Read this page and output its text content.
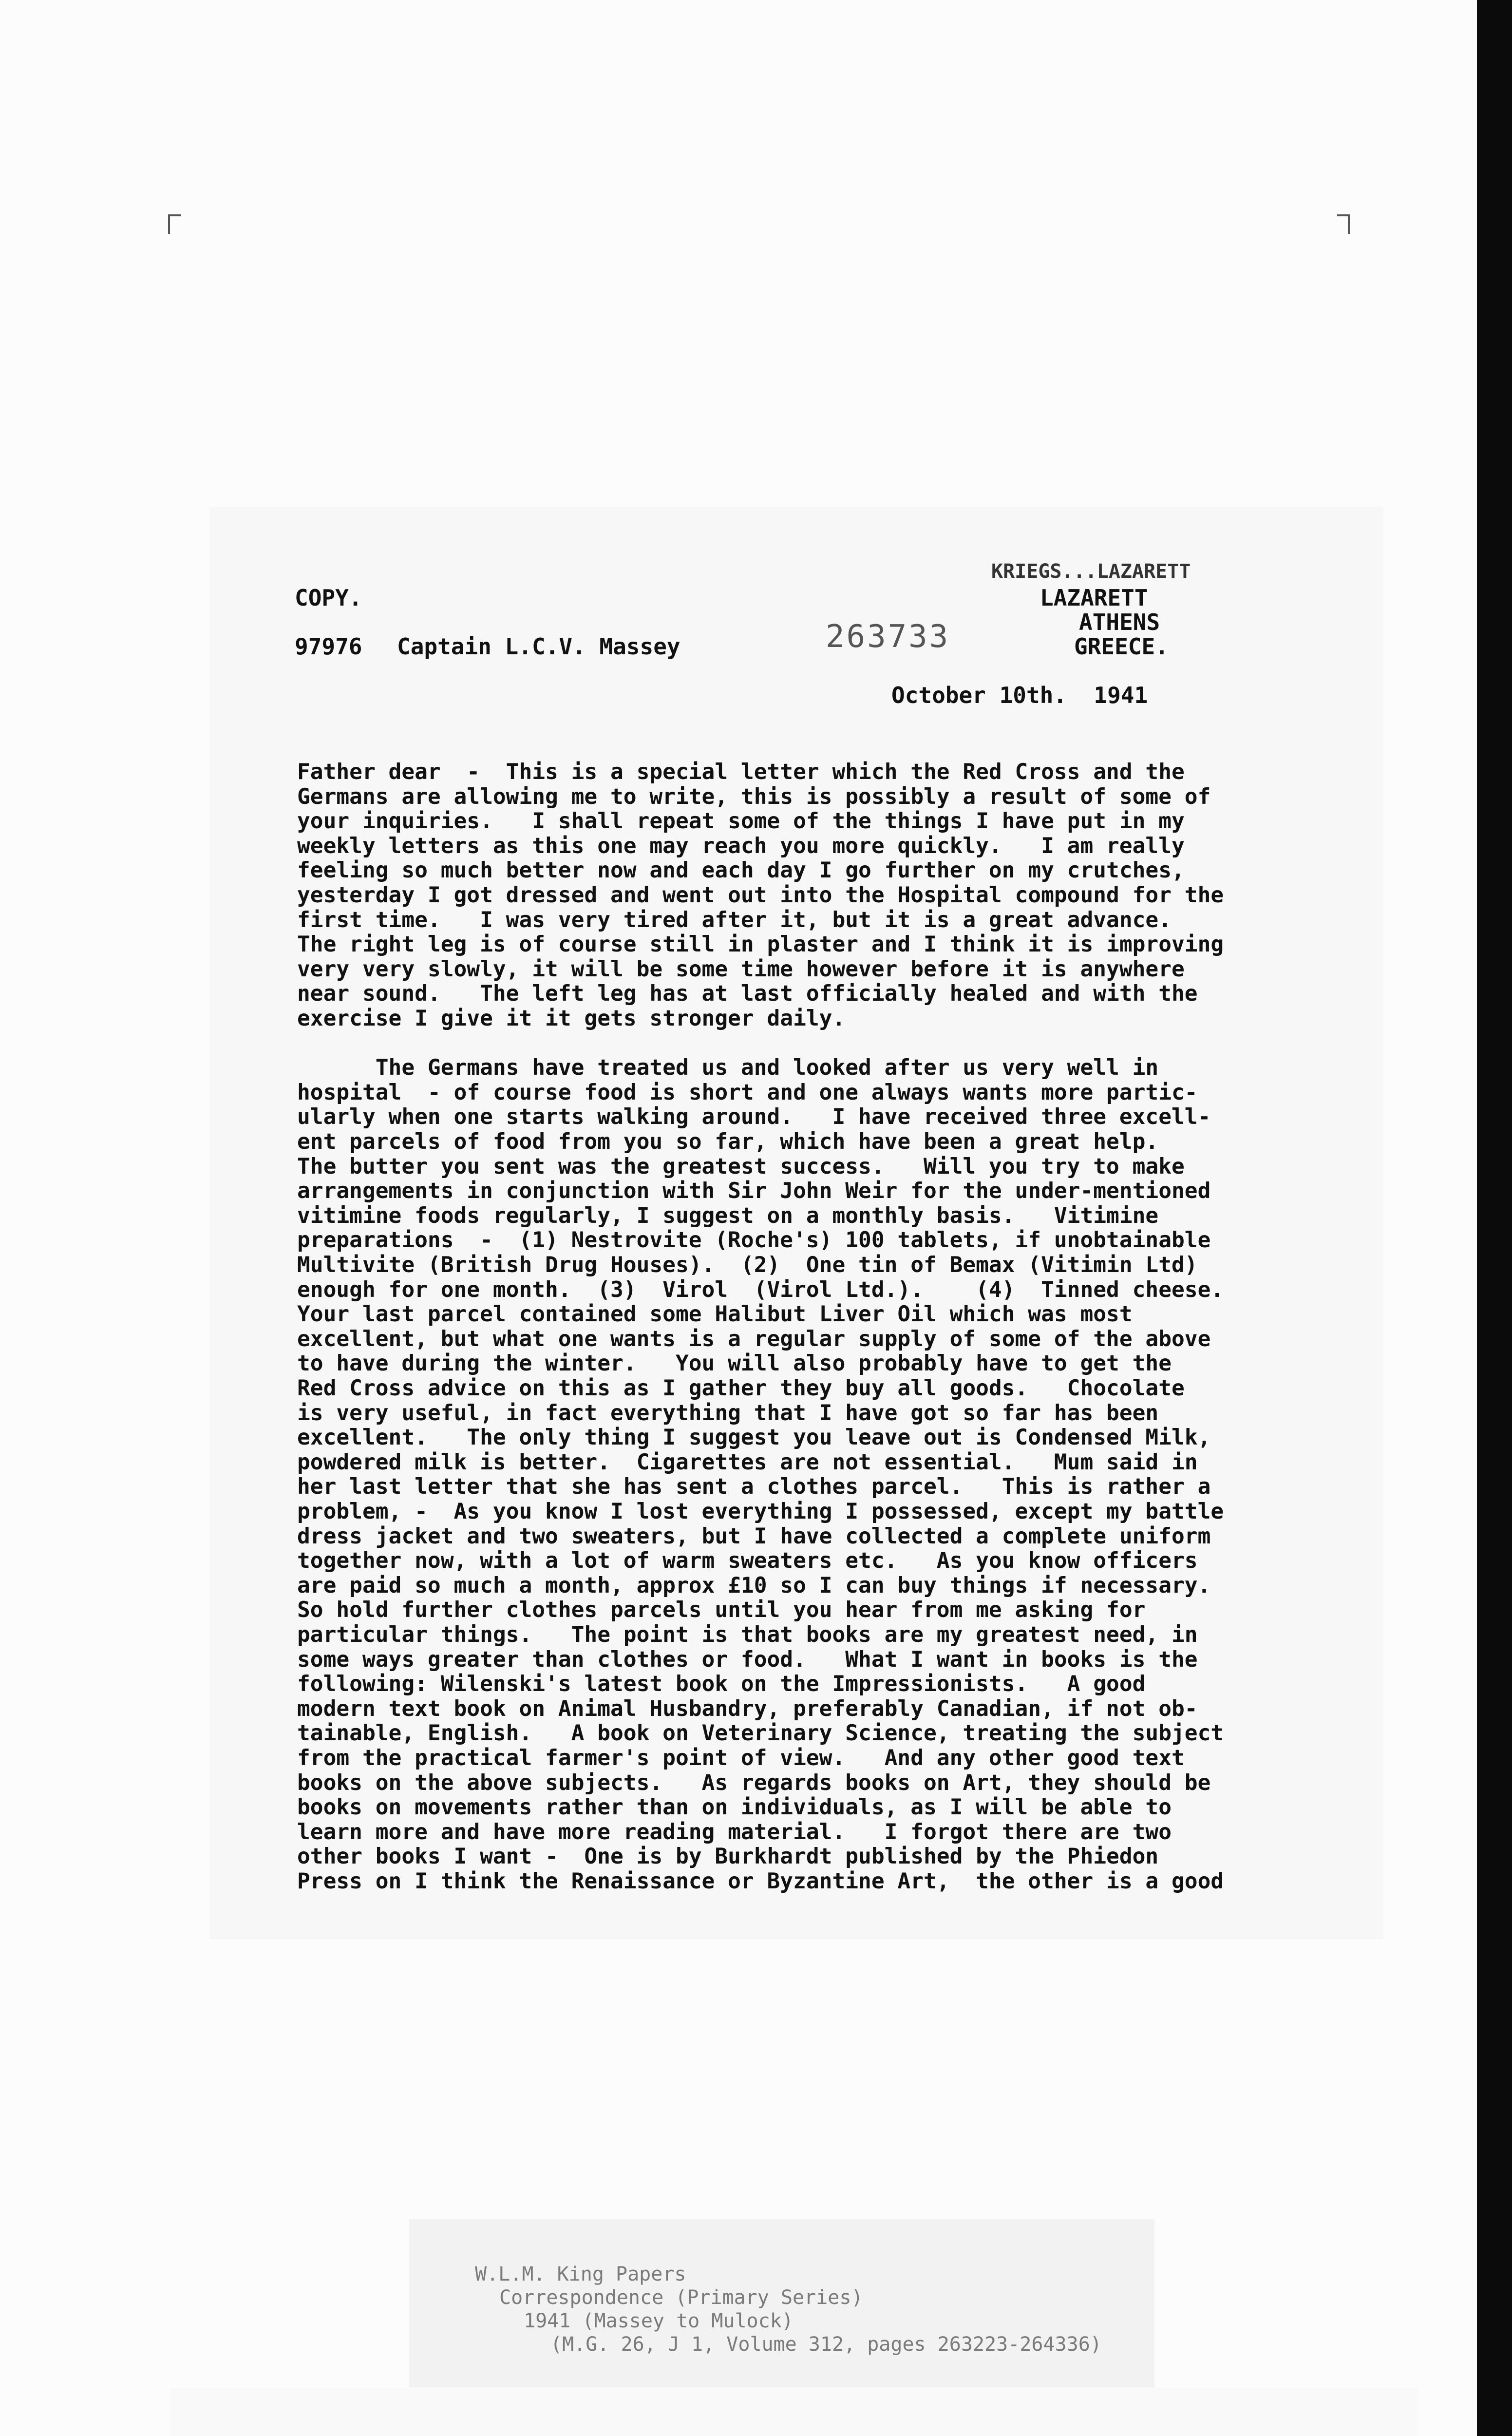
COPY.

97976 Captain L.C.V. Massey	263733

KRIEGS...LAZARETT

LAZARETT

ATHENS

GREECE.

October 10th.  1941

Father dear  -  This is a special letter which the Red Cross and the

Germans are allowing me to write, this is possibly a result of some of

your inquiries.   I shall repeat some of the things I have put in my

weekly letters as this one may reach you more quickly.   I am really

feeling so much better now and each day I go further on my crutches,

yesterday I got dressed and went out into the Hospital compound for the

first time.   I was very tired after it, but it is a great advance.

The right leg is of course still in plaster and I think it is improving

very very slowly, it will be some time however before it is anywhere

near sound.   The left leg has at last officially healed and with the

exercise I give it it gets stronger daily.

The Germans have treated us and looked after us very well in

hospital  - of course food is short and one always wants more partic-

ularly when one starts walking around.   I have received three excell-

ent parcels of food from you so far, which have been a great help.

The butter you sent was the greatest success.   Will you try to make

arrangements in conjunction with Sir John Weir for the under-mentioned

vitimine foods regularly, I suggest on a monthly basis.   Vitimine

preparations  -  (1) Nestrovite (Roche's) 100 tablets, if unobtainable

Multivite (British Drug Houses).  (2)  One tin of Bemax (Vitimin Ltd)

enough for one month.  (3)  Virol  (Virol Ltd.).    (4)  Tinned cheese.

Your last parcel contained some Halibut Liver Oil which was most

excellent, but what one wants is a regular supply of some of the above

to have during the winter.   You will also probably have to get the

Red Cross advice on this as I gather they buy all goods.   Chocolate

is very useful, in fact everything that I have got so far has been

excellent.   The only thing I suggest you leave out is Condensed Milk,

powdered milk is better.  Cigarettes are not essential.   Mum said in

her last letter that she has sent a clothes parcel.   This is rather a

problem, -  As you know I lost everything I possessed, except my battle

dress jacket and two sweaters, but I have collected a complete uniform

together now, with a lot of warm sweaters etc.   As you know officers

are paid so much a month, approx £10 so I can buy things if necessary.

So hold further clothes parcels until you hear from me asking for

particular things.   The point is that books are my greatest need, in

some ways greater than clothes or food.   What I want in books is the

following: Wilenski's latest book on the Impressionists.   A good

modern text book on Animal Husbandry, preferably Canadian, if not ob-

tainable, English.   A book on Veterinary Science, treating the subject

from the practical farmer's point of view.   And any other good text

books on the above subjects.   As regards books on Art, they should be

books on movements rather than on individuals, as I will be able to

learn more and have more reading material.   I forgot there are two

other books I want -  One is by Burkhardt published by the Phiedon

Press on I think the Renaissance or Byzantine Art,  the other is a good

W.L.M. King Papers

Correspondence (Primary Series)

1941 (Massey to Mulock)

(M.G. 26, J 1, Volume 312, pages 263223-264336)
